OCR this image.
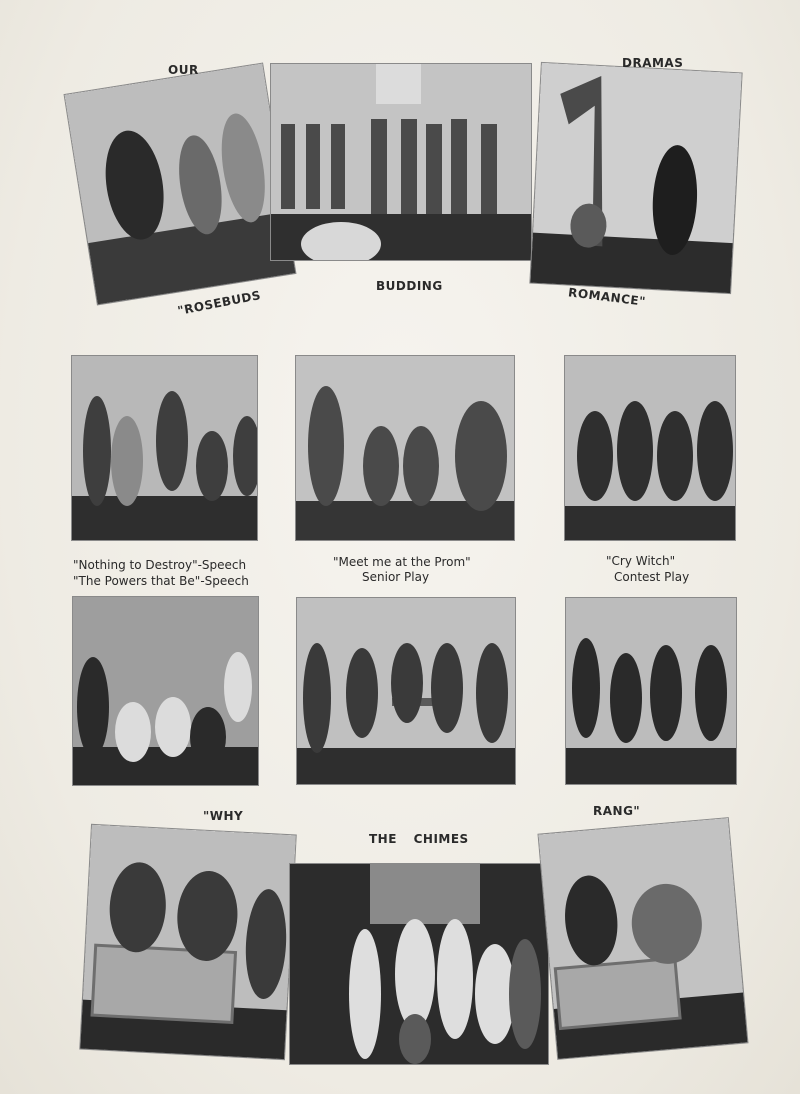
OUR	DRAMAS

"ROSEBUDS

BUDDING	ROMANCE"

"Nothing to Destroy"-Speech

"The Powers that Be"-Speech

"Meet me at the Prom"

Senior Play

"Cry Witch"

Contest Play

"WHY

THE CHIMES

RANG"
